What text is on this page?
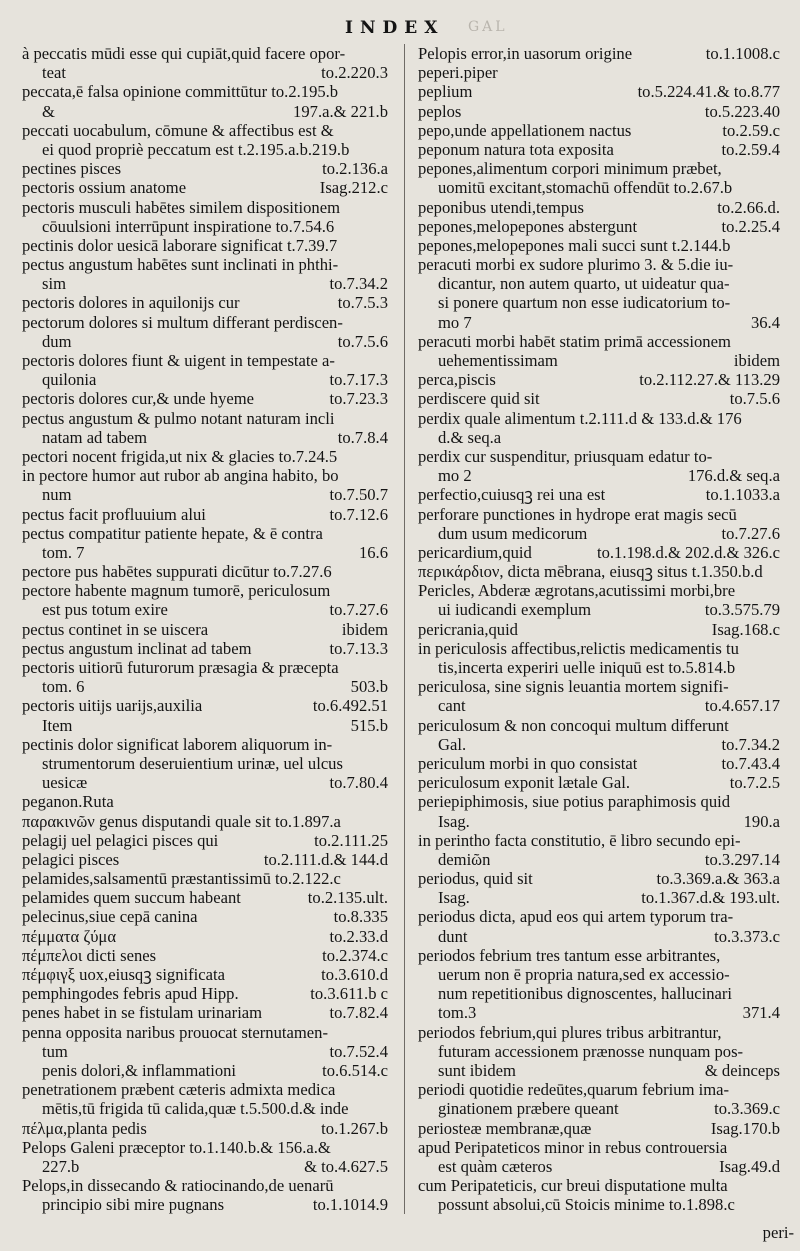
INDEX GAL
à peccatis mūdi esse qui cupiāt,quid facere opor-
teat	to.2.220.3
peccata,ē falsa opinione committūtur to.2.195.b
&	197.a.& 221.b
peccati uocabulum, cōmune & affectibus est &
ei quod propriè peccatum est t.2.195.a.b.219.b
pectines pisces	to.2.136.a
pectoris ossium anatome	Isag.212.c
pectoris musculi habētes similem dispositionem
cōuulsioni interrūpunt inspiratione to.7.54.6
pectinis dolor uesicā laborare significat t.7.39.7
pectus angustum habētes sunt inclinati in phthi-
sim	to.7.34.2
pectoris dolores in aquilonijs cur	to.7.5.3
pectorum dolores si multum differant perdiscen-
dum	to.7.5.6
pectoris dolores fiunt & uigent in tempestate a-
quilonia	to.7.17.3
pectoris dolores cur,& unde hyeme	to.7.23.3
pectus angustum & pulmo notant naturam incli
natam ad tabem	to.7.8.4
pectori nocent frigida,ut nix & glacies to.7.24.5
in pectore humor aut rubor ab angina habito, bo
num	to.7.50.7
pectus facit profluuium alui	to.7.12.6
pectus compatitur patiente hepate, & ē contra
tom. 7	16.6
pectore pus habētes suppurati dicūtur to.7.27.6
pectore habente magnum tumorē, periculosum
est pus totum exire	to.7.27.6
pectus continet in se uiscera	ibidem
pectus angustum inclinat ad tabem	to.7.13.3
pectoris uitiorū futurorum præsagia & præcepta
tom. 6	503.b
pectoris uitijs uarijs,auxilia	to.6.492.51
Item	515.b
pectinis dolor significat laborem aliquorum in-
strumentorum deseruientium urinæ, uel ulcus
uesicæ	to.7.80.4
peganon.Ruta
παρακινῶν genus disputandi quale sit to.1.897.a
pelagij uel pelagici pisces qui	to.2.111.25
pelagici pisces	to.2.111.d.& 144.d
pelamides,salsamentū præstantissimū to.2.122.c
pelamides quem succum habeant	to.2.135.ult.
pelecinus,siue cepā canina	to.8.335
πέμματα ζύμα	to.2.33.d
πέμπελοι dicti senes	to.2.374.c
πέμφιγξ uox,eiusqꝫ significata	to.3.610.d
pemphingodes febris apud Hipp.	to.3.611.b c
penes habet in se fistulam urinariam	to.7.82.4
penna opposita naribus prouocat sternutamen-
tum	to.7.52.4
penis dolori,& inflammationi	to.6.514.c
penetrationem præbent cæteris admixta medica
mētis,tū frigida tū calida,quæ t.5.500.d.& inde
πέλμα,planta pedis	to.1.267.b
Pelops Galeni præceptor to.1.140.b.& 156.a.&
227.b	& to.4.627.5
Pelops,in dissecando & ratiocinando,de uenarū
principio sibi mire pugnans	to.1.1014.9
Pelopis error,in uasorum origine	to.1.1008.c
peperi.piper
peplium	to.5.224.41.& to.8.77
peplos	to.5.223.40
pepo,unde appellationem nactus	to.2.59.c
peponum natura tota exposita	to.2.59.4
pepones,alimentum corpori minimum præbet,
uomitū excitant,stomachū offendūt to.2.67.b
peponibus utendi,tempus	to.2.66.d.
pepones,melopepones abstergunt	to.2.25.4
pepones,melopepones mali succi sunt t.2.144.b
peracuti morbi ex sudore plurimo 3. & 5.die iu-
dicantur, non autem quarto, ut uideatur qua-
si ponere quartum non esse iudicatorium to-
mo 7	36.4
peracuti morbi habēt statim primā accessionem
uehementissimam	ibidem
perca,piscis	to.2.112.27.& 113.29
perdiscere quid sit	to.7.5.6
perdix quale alimentum t.2.111.d & 133.d.& 176
d.& seq.a
perdix cur suspenditur, priusquam edatur to-
mo 2	176.d.& seq.a
perfectio,cuiusqꝫ rei una est	to.1.1033.a
perforare punctiones in hydrope erat magis secū
dum usum medicorum	to.7.27.6
pericardium,quid	to.1.198.d.& 202.d.& 326.c
περικάρδιον, dicta mēbrana, eiusqꝫ situs t.1.350.b.d
Pericles, Abderæ ægrotans,acutissimi morbi,bre
ui iudicandi exemplum	to.3.575.79
pericrania,quid	Isag.168.c
in periculosis affectibus,relictis medicamentis tu
tis,incerta experiri uelle iniquū est to.5.814.b
periculosa, sine signis leuantia mortem signifi-
cant	to.4.657.17
periculosum & non concoqui multum differunt
Gal.	to.7.34.2
periculum morbi in quo consistat	to.7.43.4
periculosum exponit lætale Gal.	to.7.2.5
periepiphimosis, siue potius paraphimosis quid
Isag.	190.a
in perintho facta constitutio, ē libro secundo epi-
demiῶn	to.3.297.14
periodus, quid sit	to.3.369.a.& 363.a
Isag.	to.1.367.d.& 193.ult.
periodus dicta, apud eos qui artem typorum tra-
dunt	to.3.373.c
periodos febrium tres tantum esse arbitrantes,
uerum non ē propria natura,sed ex accessio-
num repetitionibus dignoscentes, hallucinari
tom.3	371.4
periodos febrium,qui plures tribus arbitrantur,
futuram accessionem prænosse nunquam pos-
sunt ibidem	& deinceps
periodi quotidie redeūtes,quarum febrium ima-
ginationem præbere queant	to.3.369.c
periosteæ membranæ,quæ	Isag.170.b
apud Peripateticos minor in rebus controuersia
est quàm cæteros	Isag.49.d
cum Peripateticis, cur breui disputatione multa
possunt absolui,cū Stoicis minime to.1.898.c
peri-
